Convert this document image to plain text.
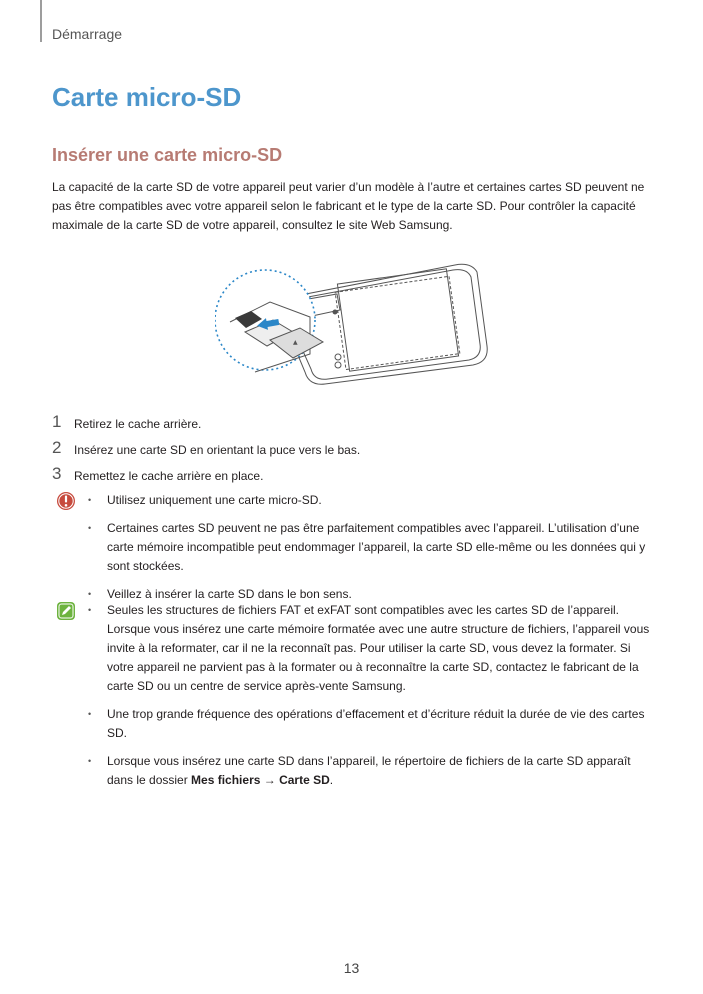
Démarrage
Carte micro-SD
Insérer une carte micro-SD

La capacité de la carte SD de votre appareil peut varier d’un modèle à l’autre et certaines cartes SD peuvent ne pas être compatibles avec votre appareil selon le fabricant et le type de la carte SD. Pour contrôler la capacité maximale de la carte SD de votre appareil, consultez le site Web Samsung.

▲
1 Retirez le cache arrière.
2 Insérez une carte SD en orientant la puce vers le bas.
3 Remettez le cache arrière en place.
• Utilisez uniquement une carte micro-SD.
• Certaines cartes SD peuvent ne pas être parfaitement compatibles avec l’appareil. L’utilisation d’une carte mémoire incompatible peut endommager l’appareil, la carte SD elle-même ou les données qui y sont stockées.
• Veillez à insérer la carte SD dans le bon sens.
• Seules les structures de fichiers FAT et exFAT sont compatibles avec les cartes SD de l’appareil. Lorsque vous insérez une carte mémoire formatée avec une autre structure de fichiers, l’appareil vous invite à la reformater, car il ne la reconnaît pas. Pour utiliser la carte SD, vous devez la formater. Si votre appareil ne parvient pas à la formater ou à reconnaître la carte SD, contactez le fabricant de la carte SD ou un centre de service après-vente Samsung.
• Une trop grande fréquence des opérations d’effacement et d’écriture réduit la durée de vie des cartes SD.
• Lorsque vous insérez une carte SD dans l’appareil, le répertoire de fichiers de la carte SD apparaît dans le dossier Mes fichiers → Carte SD.
13
